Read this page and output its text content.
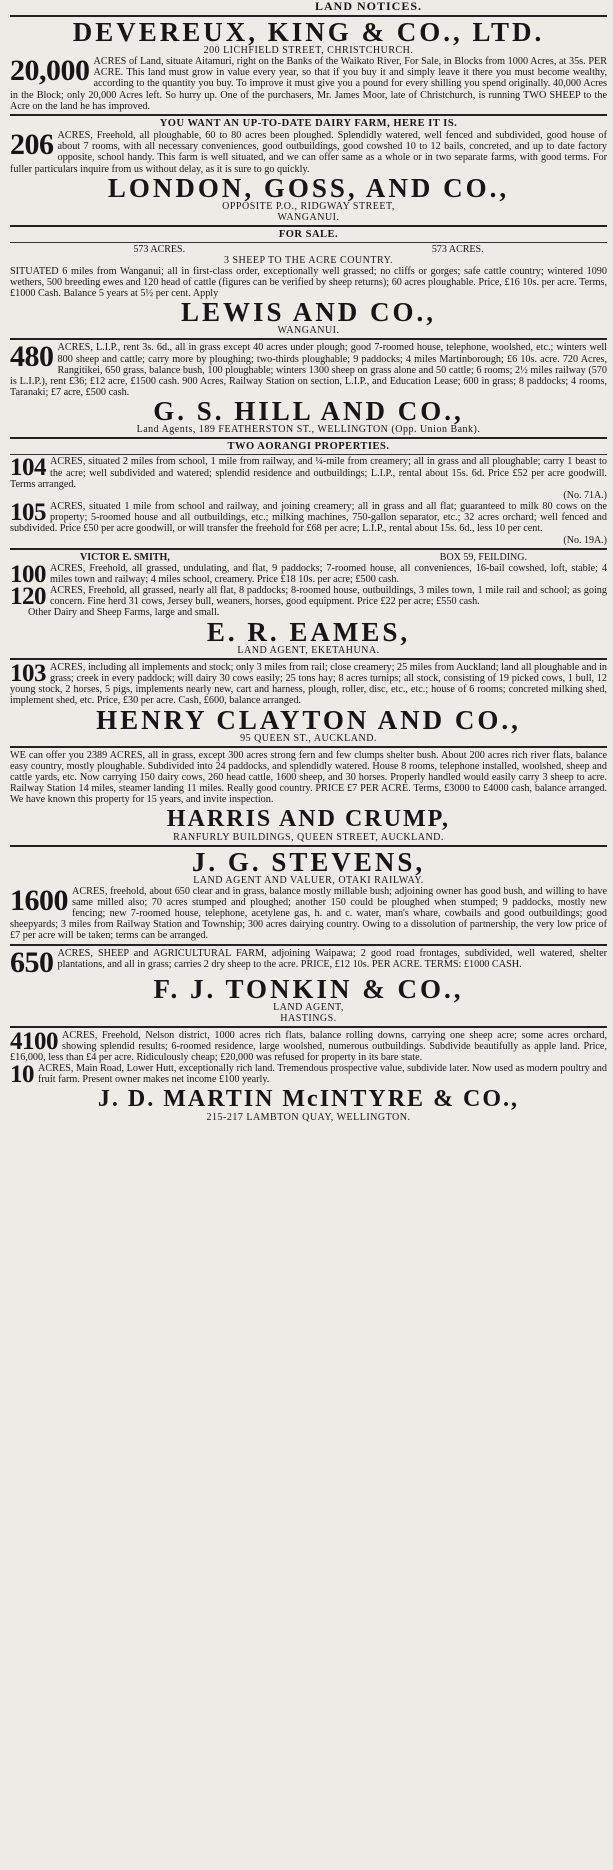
LAND NOTICES.
DEVEREUX, KING & CO., LTD.
200 LICHFIELD STREET, CHRISTCHURCH.
20,000 ACRES of Land, situate Aitamuri, right on the Banks of the Waikato River, For Sale, in Blocks from 1000 Acres, at 35s. PER ACRE. This land must grow in value every year, so that if you buy it and simply leave it there you must become wealthy, according to the quantity you buy. To improve it must give you a pound for every shilling you spend originally. 40,000 Acres in the Block; only 20,000 Acres left. So hurry up. One of the purchasers, Mr. James Moor, late of Christchurch, is running TWO SHEEP to the Acre on the land he has improved.
YOU WANT AN UP-TO-DATE DAIRY FARM, HERE IT IS.
206 ACRES, Freehold, all ploughable, 60 to 80 acres been ploughed. Splendidly watered, well fenced and subdivided, good house of about 7 rooms, with all necessary conveniences, good outbuildings, good cowshed 10 to 12 bails, concreted, and up to date factory opposite, school handy. This farm is well situated, and we can offer same as a whole or in two separate farms, with good terms. For fuller particulars inquire from us without delay, as it is sure to go quickly.
LONDON, GOSS, AND CO.,
OPPOSITE P.O., RIDGWAY STREET,
WANGANUI.
FOR SALE.
573 ACRES.	573 ACRES.
3 SHEEP TO THE ACRE COUNTRY.
SITUATED 6 miles from Wanganui; all in first-class order, exceptionally well grassed; no cliffs or gorges; safe cattle country; wintered 1090 wethers, 500 breeding ewes and 120 head of cattle (figures can be verified by sheep returns); 60 acres ploughable. Price, £16 10s. per acre. Terms, £1000 Cash. Balance 5 years at 5½ per cent. Apply
LEWIS AND CO.,
WANGANUI.
480 ACRES, L.I.P., rent 3s. 6d., all in grass except 40 acres under plough; good 7-roomed house, telephone, woolshed, etc.; winters well 800 sheep and cattle; carry more by ploughing; two-thirds ploughable; 9 paddocks; 4 miles Martinborough; £6 10s. acre. 720 Acres, Rangitikei, 650 grass, balance bush, 100 ploughable; winters 1300 sheep on grass alone and 50 cattle; 6 rooms; 2½ miles railway (570 is L.I.P.), rent £36; £12 acre, £1500 cash. 900 Acres, Railway Station on section, L.I.P., and Education Lease; 600 in grass; 8 paddocks; 4 rooms, Taranaki; £7 acre, £500 cash.
G. S. HILL AND CO.,
Land Agents, 189 FEATHERSTON ST., WELLINGTON (Opp. Union Bank).
TWO AORANGI PROPERTIES.
104 ACRES, situated 2 miles from school, 1 mile from railway, and ¼-mile from creamery; all in grass and all ploughable; carry 1 beast to the acre; well subdivided and watered; splendid residence and outbuildings; L.I.P., rental about 15s. 6d. Price £52 per acre goodwill. Terms arranged.
(No. 71A.)
105 ACRES, situated 1 mile from school and railway, and joining creamery; all in grass and all flat; guaranteed to milk 80 cows on the property; 5-roomed house and all outbuildings, etc.; milking machines, 750-gallon separator, etc.; 32 acres orchard; well fenced and subdivided. Price £50 per acre goodwill, or will transfer the freehold for £68 per acre; L.I.P., rental about 15s. 6d., less 10 per cent.
(No. 19A.)
VICTOR E. SMITH,	BOX 59, FEILDING.
100 ACRES, Freehold, all grassed, undulating, and flat, 9 paddocks; 7-roomed house, all conveniences, 16-bail cowshed, loft, stable; 4 miles town and railway; 4 miles school, creamery. Price £18 10s. per acre; £500 cash.
120 ACRES, Freehold, all grassed, nearly all flat, 8 paddocks; 8-roomed house, outbuildings, 3 miles town, 1 mile rail and school; as going concern. Fine herd 31 cows, Jersey bull, weaners, horses, good equipment. Price £22 per acre; £550 cash.
Other Dairy and Sheep Farms, large and small.
E. R. EAMES,
LAND AGENT, EKETAHUNA.
103 ACRES, including all implements and stock; only 3 miles from rail; close creamery; 25 miles from Auckland; land all ploughable and in grass; creek in every paddock; will dairy 30 cows easily; 25 tons hay; 8 acres turnips; all stock, consisting of 19 picked cows, 1 bull, 12 young stock, 2 horses, 5 pigs, implements nearly new, cart and harness, plough, roller, disc, etc., etc.; house of 6 rooms; concreted milking shed, implement shed, etc. Price, £30 per acre. Cash, £600, balance arranged.
HENRY CLAYTON AND CO.,
95 QUEEN ST., AUCKLAND.
WE can offer you 2389 ACRES, all in grass, except 300 acres strong fern and few clumps shelter bush. About 200 acres rich river flats, balance easy country, mostly ploughable. Subdivided into 24 paddocks, and splendidly watered. House 8 rooms, telephone installed, woolshed, sheep and cattle yards, etc. Now carrying 150 dairy cows, 260 head cattle, 1600 sheep, and 30 horses. Properly handled would easily carry 3 sheep to acre. Railway Station 14 miles, steamer landing 11 miles. Really good country. PRICE £7 PER ACRE. Terms, £3000 to £4000 cash, balance arranged. We have known this property for 15 years, and invite inspection.
HARRIS AND CRUMP,
RANFURLY BUILDINGS, QUEEN STREET, AUCKLAND.
J. G. STEVENS,
LAND AGENT AND VALUER, OTAKI RAILWAY.
1600 ACRES, freehold, about 650 clear and in grass, balance mostly millable bush; adjoining owner has good bush, and willing to have same milled also; 70 acres stumped and ploughed; another 150 could be ploughed when stumped; 9 paddocks, mostly new fencing; new 7-roomed house, telephone, acetylene gas, h. and c. water, man's whare, cowbails and good outbuildings; good sheepyards; 3 miles from Railway Station and Township; 300 acres dairying country. Owing to a dissolution of partnership, the very low price of £7 per acre will be taken; terms can be arranged.
650 ACRES, SHEEP and AGRICULTURAL FARM, adjoining Waipawa; 2 good road frontages, subdivided, well watered, shelter plantations, and all in grass; carries 2 dry sheep to the acre. PRICE, £12 10s. PER ACRE. TERMS: £1000 CASH.
F. J. TONKIN & CO.,
LAND AGENT,
HASTINGS.
4100 ACRES, Freehold, Nelson district, 1000 acres rich flats, balance rolling downs, carrying one sheep acre; some acres orchard, showing splendid results; 6-roomed residence, large woolshed, numerous outbuildings. Subdivide beautifully as apple land. Price, £16,000, less than £4 per acre. Ridiculously cheap; £20,000 was refused for property in its bare state.
10 ACRES, Main Road, Lower Hutt, exceptionally rich land. Tremendous prospective value, subdivide later. Now used as modern poultry and fruit farm. Present owner makes net income £100 yearly.
J. D. MARTIN McINTYRE & CO.,
215-217 LAMBTON QUAY, WELLINGTON.
